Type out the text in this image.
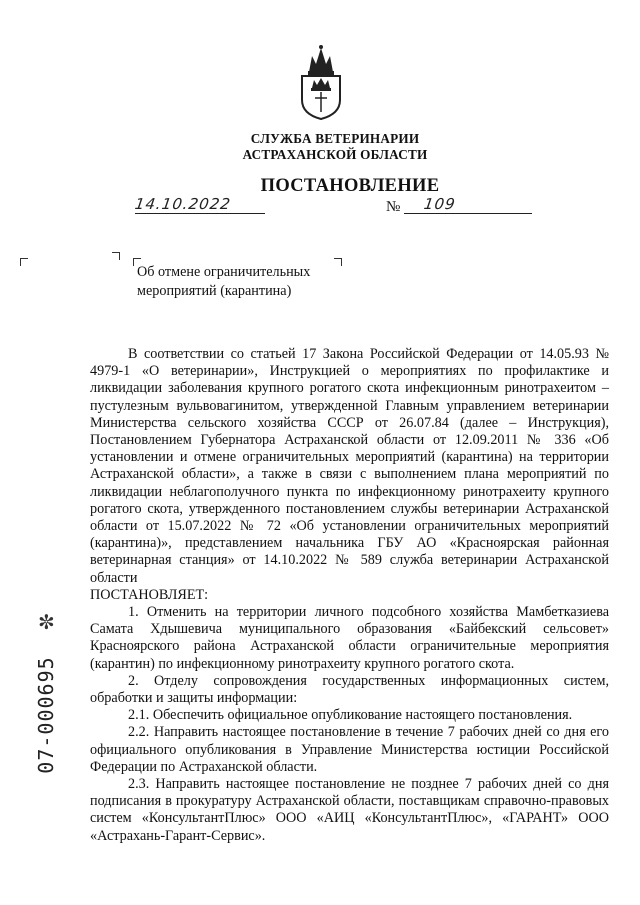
СЛУЖБА ВЕТЕРИНАРИИ
АСТРАХАНСКОЙ ОБЛАСТИ
ПОСТАНОВЛЕНИЕ
14.10.2022	№ 109
Об отмене ограничительных
мероприятий (карантина)

В соответствии со статьей 17 Закона Российской Федерации от 14.05.93 № 4979-1 «О ветеринарии», Инструкцией о мероприятиях по профилактике и ликвидации заболевания крупного рогатого скота инфекционным ринотрахеитом – пустулезным вульвовагинитом, утвержденной Главным управлением ветеринарии Министерства сельского хозяйства СССР от 26.07.84 (далее – Инструкция), Постановлением Губернатора Астраханской области от 12.09.2011 № 336 «Об установлении и отмене ограничительных мероприятий (карантина) на территории Астраханской области», а также в связи с выполнением плана мероприятий по ликвидации неблагополучного пункта по инфекционному ринотрахеиту крупного рогатого скота, утвержденного постановлением службы ветеринарии Астраханской области от 15.07.2022 № 72 «Об установлении ограничительных мероприятий (карантина)», представлением начальника ГБУ АО «Красноярская районная ветеринарная станция» от 14.10.2022 № 589 служба ветеринарии Астраханской области

ПОСТАНОВЛЯЕТ:

1. Отменить на территории личного подсобного хозяйства Мамбетказиева Самата Хдышевича муниципального образования «Байбекский сельсовет» Красноярского района Астраханской области ограничительные мероприятия (карантин) по инфекционному ринотрахеиту крупного рогатого скота.

2. Отделу сопровождения государственных информационных систем, обработки и защиты информации:

2.1. Обеспечить официальное опубликование настоящего постановления.

2.2. Направить настоящее постановление в течение 7 рабочих дней со дня его официального опубликования в Управление Министерства юстиции Российской Федерации по Астраханской области.

2.3. Направить настоящее постановление не позднее 7 рабочих дней со дня подписания в прокуратуру Астраханской области, поставщикам справочно-правовых систем «КонсультантПлюс» ООО «АИЦ «КонсультантПлюс», «ГАРАНТ» ООО «Астрахань-Гарант-Сервис».

✼
07-000695
